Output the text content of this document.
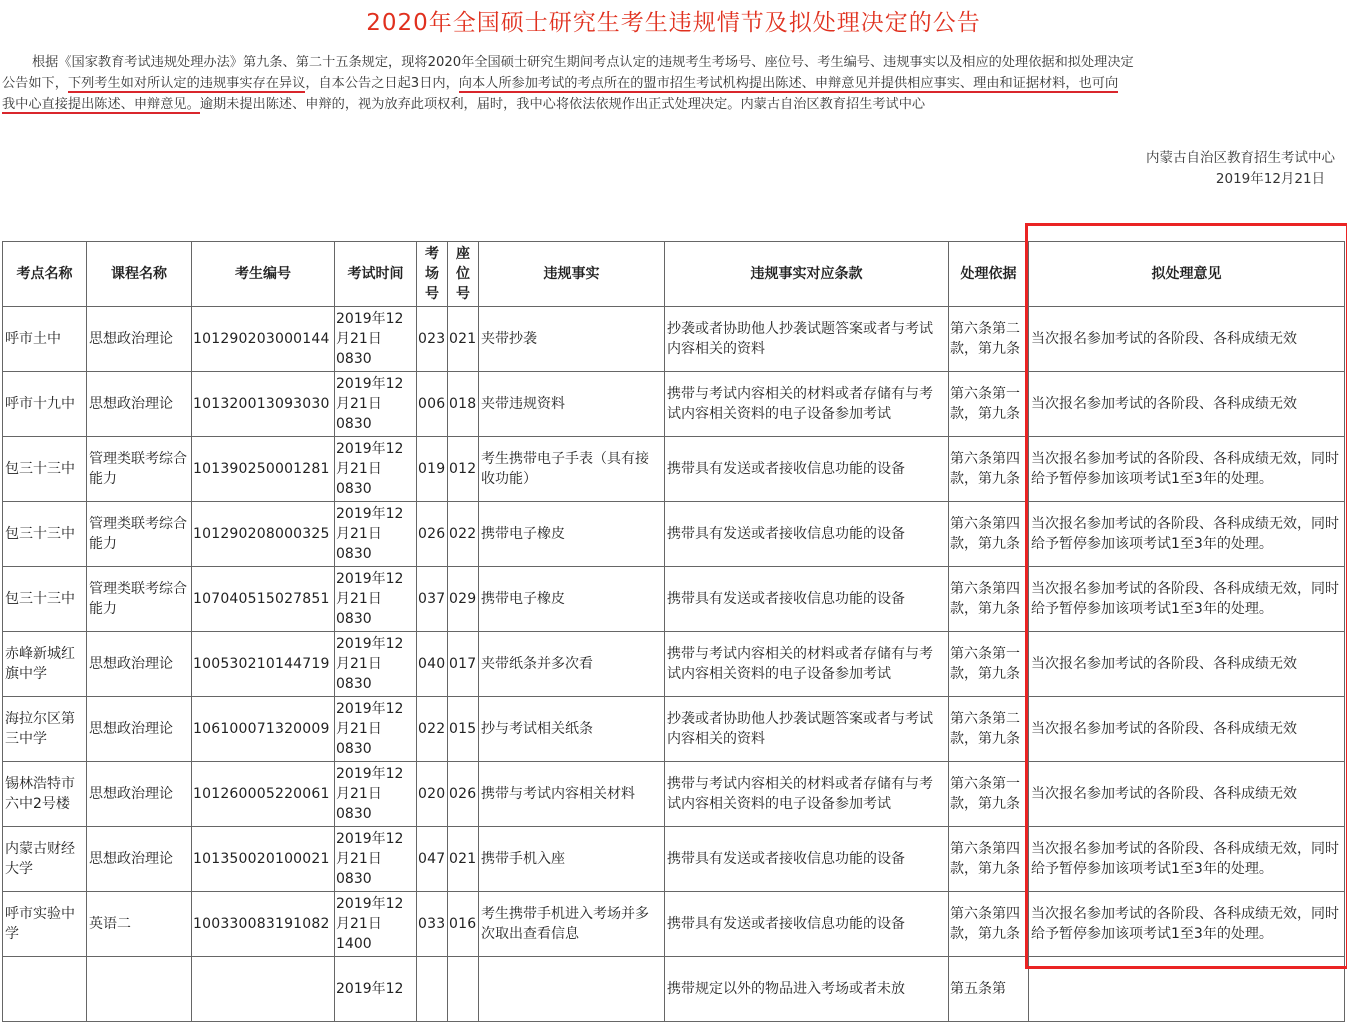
2020年全国硕士研究生考生违规情节及拟处理决定的公告

根据《国家教育考试违规处理办法》第九条、第二十五条规定，现将2020年全国硕士研究生期间考点认定的违规考生考场号、座位号、考生编号、违规事实以及相应的处理依据和拟处理决定

公告如下，下列考生如对所认定的违规事实存在异议，自本公告之日起3日内，向本人所参加考试的考点所在的盟市招生考试机构提出陈述、申辩意见并提供相应事实、理由和证据材料，也可向

我中心直接提出陈述、申辩意见。逾期未提出陈述、申辩的，视为放弃此项权利，届时，我中心将依法依规作出正式处理决定。内蒙古自治区教育招生考试中心

内蒙古自治区教育招生考试中心
2019年12月21日
考点名称	课程名称	考生编号	考试时间	考场号	座位号	违规事实	违规事实对应条款	处理依据	拟处理意见
呼市土中	思想政治理论	101290203000144	2019年12月21日0830	023	021	夹带抄袭	抄袭或者协助他人抄袭试题答案或者与考试内容相关的资料	第六条第二款，第九条	当次报名参加考试的各阶段、各科成绩无效
呼市十九中	思想政治理论	101320013093030	2019年12月21日0830	006	018	夹带违规资料	携带与考试内容相关的材料或者存储有与考试内容相关资料的电子设备参加考试	第六条第一款，第九条	当次报名参加考试的各阶段、各科成绩无效
包三十三中	管理类联考综合能力	101390250001281	2019年12月21日0830	019	012	考生携带电子手表（具有接收功能）	携带具有发送或者接收信息功能的设备	第六条第四款，第九条	当次报名参加考试的各阶段、各科成绩无效，同时给予暂停参加该项考试1至3年的处理。
包三十三中	管理类联考综合能力	101290208000325	2019年12月21日0830	026	022	携带电子橡皮	携带具有发送或者接收信息功能的设备	第六条第四款，第九条	当次报名参加考试的各阶段、各科成绩无效，同时给予暂停参加该项考试1至3年的处理。
包三十三中	管理类联考综合能力	107040515027851	2019年12月21日0830	037	029	携带电子橡皮	携带具有发送或者接收信息功能的设备	第六条第四款，第九条	当次报名参加考试的各阶段、各科成绩无效，同时给予暂停参加该项考试1至3年的处理。
赤峰新城红旗中学	思想政治理论	100530210144719	2019年12月21日0830	040	017	夹带纸条并多次看	携带与考试内容相关的材料或者存储有与考试内容相关资料的电子设备参加考试	第六条第一款，第九条	当次报名参加考试的各阶段、各科成绩无效
海拉尔区第三中学	思想政治理论	106100071320009	2019年12月21日0830	022	015	抄与考试相关纸条	抄袭或者协助他人抄袭试题答案或者与考试内容相关的资料	第六条第二款，第九条	当次报名参加考试的各阶段、各科成绩无效
锡林浩特市六中2号楼	思想政治理论	101260005220061	2019年12月21日0830	020	026	携带与考试内容相关材料	携带与考试内容相关的材料或者存储有与考试内容相关资料的电子设备参加考试	第六条第一款，第九条	当次报名参加考试的各阶段、各科成绩无效
内蒙古财经大学	思想政治理论	101350020100021	2019年12月21日0830	047	021	携带手机入座	携带具有发送或者接收信息功能的设备	第六条第四款，第九条	当次报名参加考试的各阶段、各科成绩无效，同时给予暂停参加该项考试1至3年的处理。
呼市实验中学	英语二	100330083191082	2019年12月21日1400	033	016	考生携带手机进入考场并多次取出查看信息	携带具有发送或者接收信息功能的设备	第六条第四款，第九条	当次报名参加考试的各阶段、各科成绩无效，同时给予暂停参加该项考试1至3年的处理。
			2019年12				携带规定以外的物品进入考场或者未放	第五条第	
